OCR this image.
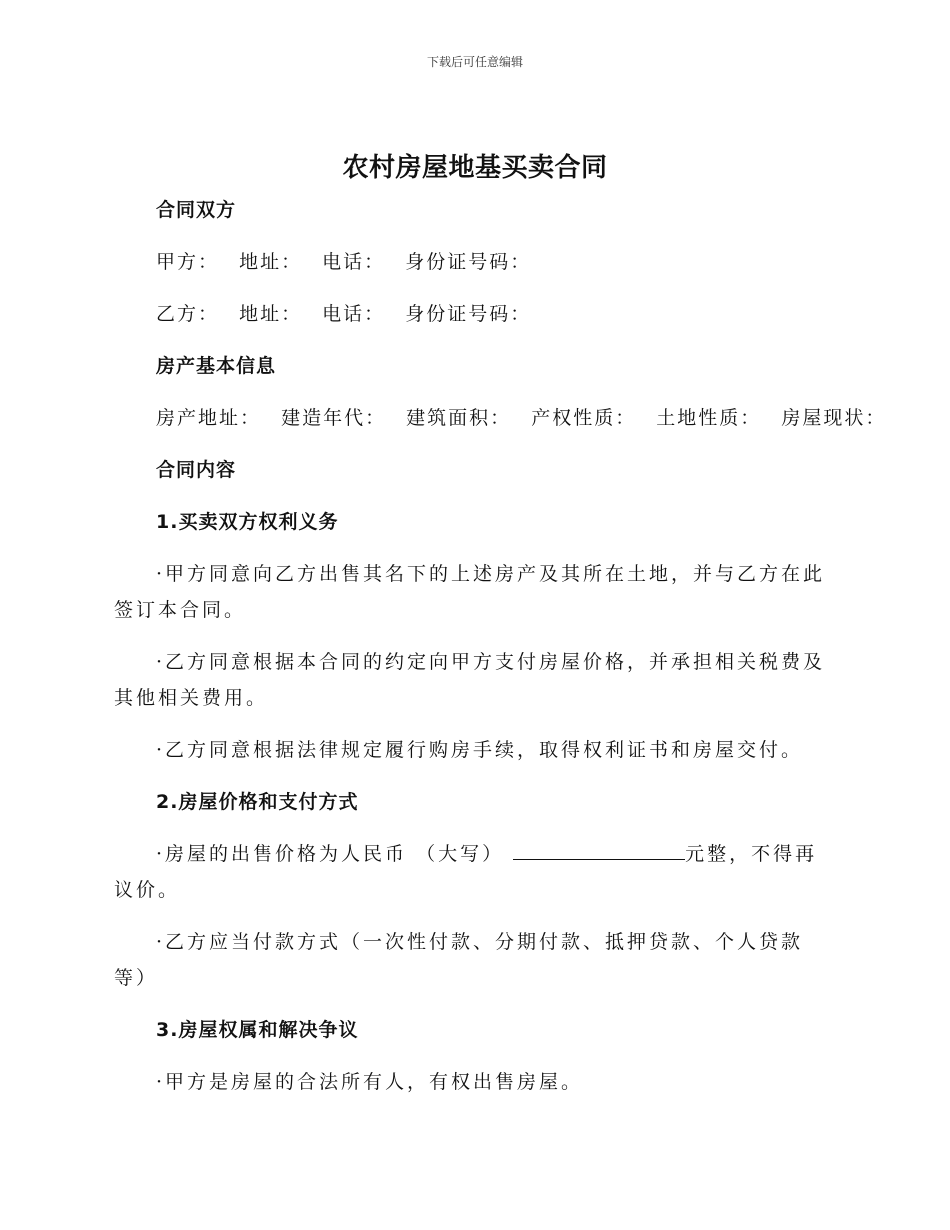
下载后可任意编辑
农村房屋地基买卖合同
合同双方
甲方： 地址： 电话： 身份证号码：
乙方： 地址： 电话： 身份证号码：
房产基本信息
房产地址： 建造年代： 建筑面积： 产权性质： 土地性质： 房屋现状：
合同内容
1.买卖双方权利义务

·甲方同意向乙方出售其名下的上述房产及其所在土地，并与乙方在此签订本合同。

·乙方同意根据本合同的约定向甲方支付房屋价格，并承担相关税费及其他相关费用。

·乙方同意根据法律规定履行购房手续，取得权利证书和房屋交付。

2.房屋价格和支付方式

·房屋的出售价格为人民币 （大写）	元整，不得再议价。

·乙方应当付款方式（一次性付款、分期付款、抵押贷款、个人贷款等）

3.房屋权属和解决争议

·甲方是房屋的合法所有人，有权出售房屋。
